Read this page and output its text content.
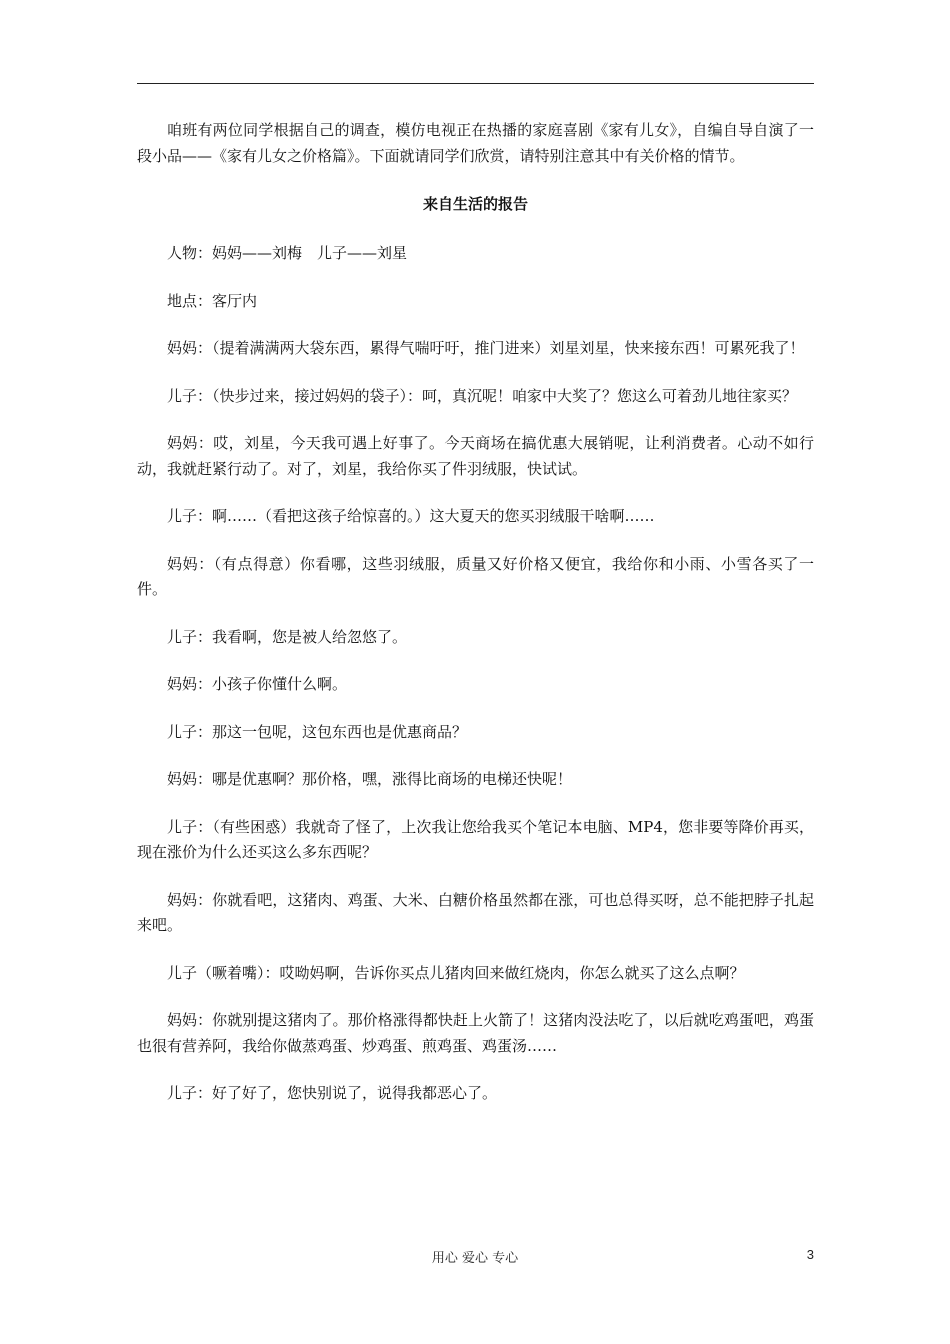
咱班有两位同学根据自己的调查，模仿电视正在热播的家庭喜剧《家有儿女》，自编自导自演了一段小品——《家有儿女之价格篇》。下面就请同学们欣赏，请特别注意其中有关价格的情节。

来自生活的报告

人物：妈妈——刘梅　儿子——刘星

地点：客厅内

妈妈：（提着满满两大袋东西，累得气喘吁吁，推门进来）刘星刘星，快来接东西！可累死我了！

儿子：（快步过来，接过妈妈的袋子）：呵，真沉呢！咱家中大奖了？您这么可着劲儿地往家买？

妈妈：哎，刘星，今天我可遇上好事了。今天商场在搞优惠大展销呢，让利消费者。心动不如行动，我就赶紧行动了。对了，刘星，我给你买了件羽绒服，快试试。

儿子：啊……（看把这孩子给惊喜的。）这大夏天的您买羽绒服干啥啊……

妈妈：（有点得意）你看哪，这些羽绒服，质量又好价格又便宜，我给你和小雨、小雪各买了一件。

儿子：我看啊，您是被人给忽悠了。

妈妈：小孩子你懂什么啊。

儿子：那这一包呢，这包东西也是优惠商品？

妈妈：哪是优惠啊？那价格，嘿，涨得比商场的电梯还快呢！

儿子：（有些困惑）我就奇了怪了，上次我让您给我买个笔记本电脑、MP4，您非要等降价再买，现在涨价为什么还买这么多东西呢？

妈妈：你就看吧，这猪肉、鸡蛋、大米、白糖价格虽然都在涨，可也总得买呀，总不能把脖子扎起来吧。

儿子（噘着嘴）：哎呦妈啊，告诉你买点儿猪肉回来做红烧肉，你怎么就买了这么点啊？

妈妈：你就别提这猪肉了。那价格涨得都快赶上火箭了！这猪肉没法吃了，以后就吃鸡蛋吧，鸡蛋也很有营养阿，我给你做蒸鸡蛋、炒鸡蛋、煎鸡蛋、鸡蛋汤……

儿子：好了好了，您快别说了，说得我都恶心了。

用心 爱心 专心	3
